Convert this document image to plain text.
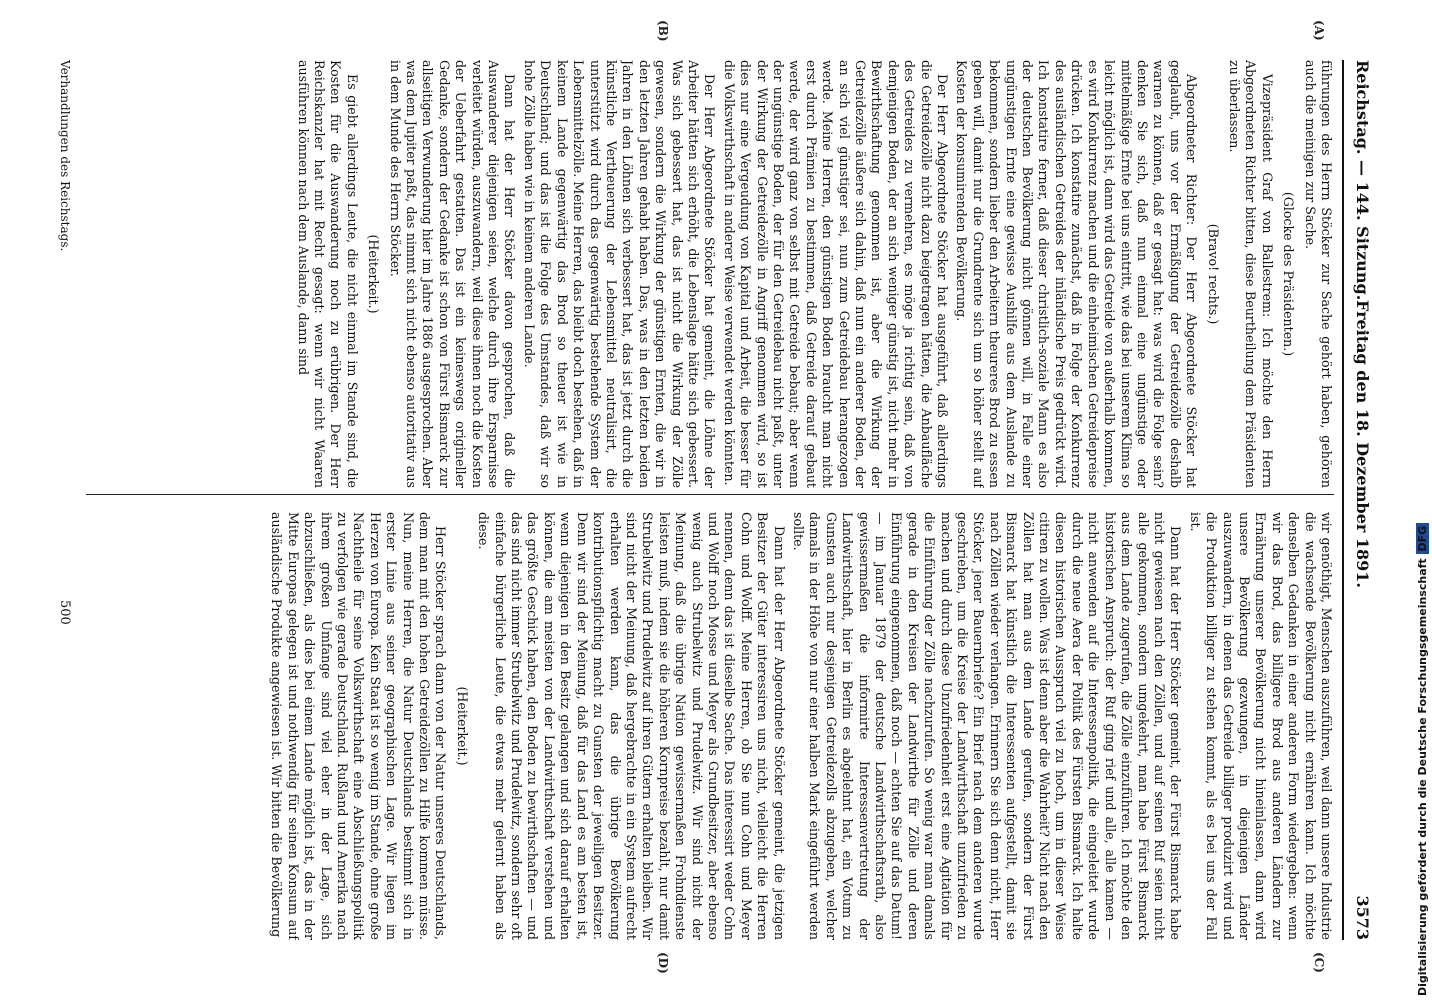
Reichstag. — 144. Sitzung.
Freitag den 18. Dezember 1891.
3573
(A)
(B)
(C)
(D)

führungen des Herrn Stöcker zur Sache gehört haben, gehören auch die meinigen zur Sache.

(Glocke des Präsidenten.)

Vizepräsident Graf von Ballestrem: Ich möchte den Herrn Abgeordneten Richter bitten, diese Beurtheilung dem Präsidenten zu überlassen.

(Bravo! rechts.)

Abgeordneter Richter: Der Herr Abgeordnete Stöcker hat geglaubt, uns vor der Ermäßigung der Getreidezölle deshalb warnen zu können, daß er gesagt hat: was wird die Folge sein? denken Sie sich, daß nun einmal eine ungünstige oder mittelmäßige Ernte bei uns eintritt, wie das bei unserem Klima so leicht möglich ist, dann wird das Getreide von außerhalb kommen, es wird Konkurrenz machen und die einheimischen Getreidepreise drücken. Ich konstatire zunächst, daß in Folge der Konkurrenz des ausländischen Getreides der inländische Preis gedrückt wird. Ich konstatire ferner, daß dieser christlich-soziale Mann es also der deutschen Bevölkerung nicht gönnen will, in Falle einer ungünstigen Ernte eine gewisse Aushilfe aus dem Auslande zu bekommen, sondern lieber den Arbeitern theureres Brod zu essen geben will, damit nur die Grundrente sich um so höher stellt auf Kosten der konsumirenden Bevölkerung.

Der Herr Abgeordnete Stöcker hat ausgeführt, daß allerdings die Getreidezölle nicht dazu beigetragen hätten, die Anbaufläche des Getreides zu vermehren, es möge ja richtig sein, daß von demjenigen Boden, der an sich weniger günstig ist, nicht mehr in Bewirthschaftung genommen ist, aber die Wirkung der Getreidezölle äußere sich dahin, daß nun ein anderer Boden, der an sich viel günstiger sei, nun zum Getreidebau herangezogen werde. Meine Herren, den günstigen Boden braucht man nicht erst durch Prämien zu bestimmen, daß Getreide darauf gebaut werde, der wird ganz von selbst mit Getreide bebaut; aber wenn der ungünstige Boden, der für den Getreidebau nicht paßt, unter der Wirkung der Getreidezölle in Angriff genommen wird, so ist dies nur eine Vergeudung von Kapital und Arbeit, die besser für die Volkswirthschaft in anderer Weise verwendet werden könnten.

Der Herr Abgeordnete Stöcker hat gemeint, die Löhne der Arbeiter hätten sich erhöht, die Lebenslage hätte sich gebessert. Was sich gebessert hat, das ist nicht die Wirkung der Zölle gewesen, sondern die Wirkung der günstigen Ernten, die wir in den letzten Jahren gehabt haben. Das, was in den letzten beiden Jahren in den Löhnen sich verbessert hat, das ist jetzt durch die künstliche Vertheuerung der Lebensmittel neutralisirt, die unterstützt wird durch das gegenwärtig bestehende System der Lebensmittelzölle. Meine Herren, das bleibt doch bestehen, daß in keinem Lande gegenwärtig das Brod so theuer ist wie in Deutschland; und das ist die Folge des Umstandes, daß wir so hohe Zölle haben wie in keinem anderen Lande.

Dann hat der Herr Stöcker davon gesprochen, daß die Auswanderer diejenigen seien, welche durch ihre Ersparnisse verleitet würden, auszuwandern, weil diese ihnen noch die Kosten der Ueberfahrt gestatten. Das ist ein keineswegs origineller Gedanke, sondern der Gedanke ist schon von Fürst Bismarck zur allseitigen Verwunderung hier im Jahre 1886 ausgesprochen. Aber was dem Jupiter paßt, das nimmt sich nicht ebenso autoritativ aus in dem Munde des Herrn Stöcker.

(Heiterkeit.)

Es giebt allerdings Leute, die nicht einmal im Stande sind, die Kosten für die Auswanderung noch zu erübrigen. Der Herr Reichskanzler hat mit Recht gesagt: wenn wir nicht Waaren ausführen können nach dem Auslande, dann sind

wir genöthigt, Menschen auszuführen, weil dann unsere Industrie die wachsende Bevölkerung nicht ernähren kann. Ich möchte denselben Gedanken in einer anderen Form wiedergeben: wenn wir das Brod, das billigere Brod aus anderen Ländern zur Ernährung unserer Bevölkerung nicht hineinlassen, dann wird unsere Bevölkerung gezwungen, in diejenigen Länder auszuwandern, in denen das Getreide billiger produzirt wird und die Produktion billiger zu stehen kommt, als es bei uns der Fall ist.

Dann hat der Herr Stöcker gemeint, der Fürst Bismarck habe nicht gewiesen nach den Zöllen, und auf seinen Ruf seien nicht alle gekommen, sondern umgekehrt, man habe Fürst Bismarck aus dem Lande zugerufen, die Zölle einzuführen. Ich möchte den historischen Anspruch: der Ruf ging rief und alle, alle kamen — nicht anwenden auf die Interessenpolitik, die eingeleitet wurde durch die neue Aera der Politik des Fürsten Bismarck. Ich halte diesen historischen Ausspruch viel zu hoch, um in dieser Weise citiren zu wollen. Was ist denn aber die Wahrheit? Nicht nach den Zöllen hat man aus dem Lande gerufen, sondern der Fürst Bismarck hat künstlich die Interessenten aufgestellt, damit sie nach Zöllen wieder verlangen. Erinnern Sie sich denn nicht, Herr Stöcker, jener Bauernbriefe? Ein Brief nach dem anderen wurde geschrieben, um die Kreise der Landwirthschaft unzufrieden zu machen und durch diese Unzufriedenheit erst eine Agitation für die Einführung der Zölle nachzurufen. So wenig war man damals gerade in den Kreisen der Landwirthe für Zölle und deren Einführung eingenommen, daß noch — achten Sie auf das Datum! — im Januar 1879 der deutsche Landwirthschaftsrath, also gewissermaßen die informirte Interessenvertretung der Landwirthschaft, hier in Berlin es abgelehnt hat, ein Votum zu Gunsten auch nur desjenigen Getreidezolls abzugeben, welcher damals in der Höhe von nur einer halben Mark eingeführt werden sollte.

Dann hat der Herr Abgeordnete Stöcker gemeint, die jetzigen Besitzer der Güter interessiren uns nicht, vielleicht die Herren Cohn und Wolff. Meine Herren, ob Sie nun Cohn und Meyer nennen, denn das ist dieselbe Sache. Das interessirt weder Cohn und Wolff noch Mosse und Meyer als Grundbesitzer, aber ebenso wenig auch Strubelwitz und Prudelwitz. Wir sind nicht der Meinung, daß die übrige Nation gewissermaßen Frohndienste leisten muß, indem sie die höheren Kornpreise bezahlt, nur damit Strubelwitz und Prudelwitz auf ihren Gütern erhalten bleiben. Wir sind nicht der Meinung, daß hergebrachte in ein System aufrecht erhalten werden kann, das die übrige Bevölkerung kontributionspflichtig macht zu Gunsten der jeweiligen Besitzer. Denn wir sind der Meinung, daß für das Land es am besten ist, wenn diejenigen in den Besitz gelangen und sich darauf erhalten können, die am meisten von der Landwirthschaft verstehen und das größte Geschick haben, den Boden zu bewirthschaften — und das sind nicht immer Strubelwitz und Prudelwitz, sondern sehr oft einfache bürgerliche Leute, die etwas mehr gelernt haben als diese.

(Heiterkeit.)

Herr Stöcker sprach dann von der Natur unseres Deutschlands, dem man mit den hohen Getreidezöllen zu Hilfe kommen müsse. Nun, meine Herren, die Natur Deutschlands bestimmt sich in erster Linie aus seiner geographischen Lage. Wir liegen im Herzen von Europa. Kein Staat ist so wenig im Stande, ohne große Nachtheile für seine Volkswirthschaft eine Abschließungspolitik zu verfolgen wie gerade Deutschland. Rußland und Amerika nach ihrem großen Umfange sind viel eher in der Lage, sich abzuschließen, als dies bei einem Lande möglich ist, das in der Mitte Europas gelegen ist und nothwendig für seinen Konsum auf ausländische Produkte angewiesen ist. Wir bitten die Bevölkerung

Verhandlungen des Reichstags.
500	Digitalisierung gefördert durch die Deutsche Forschungsgemeinschaft DFG
